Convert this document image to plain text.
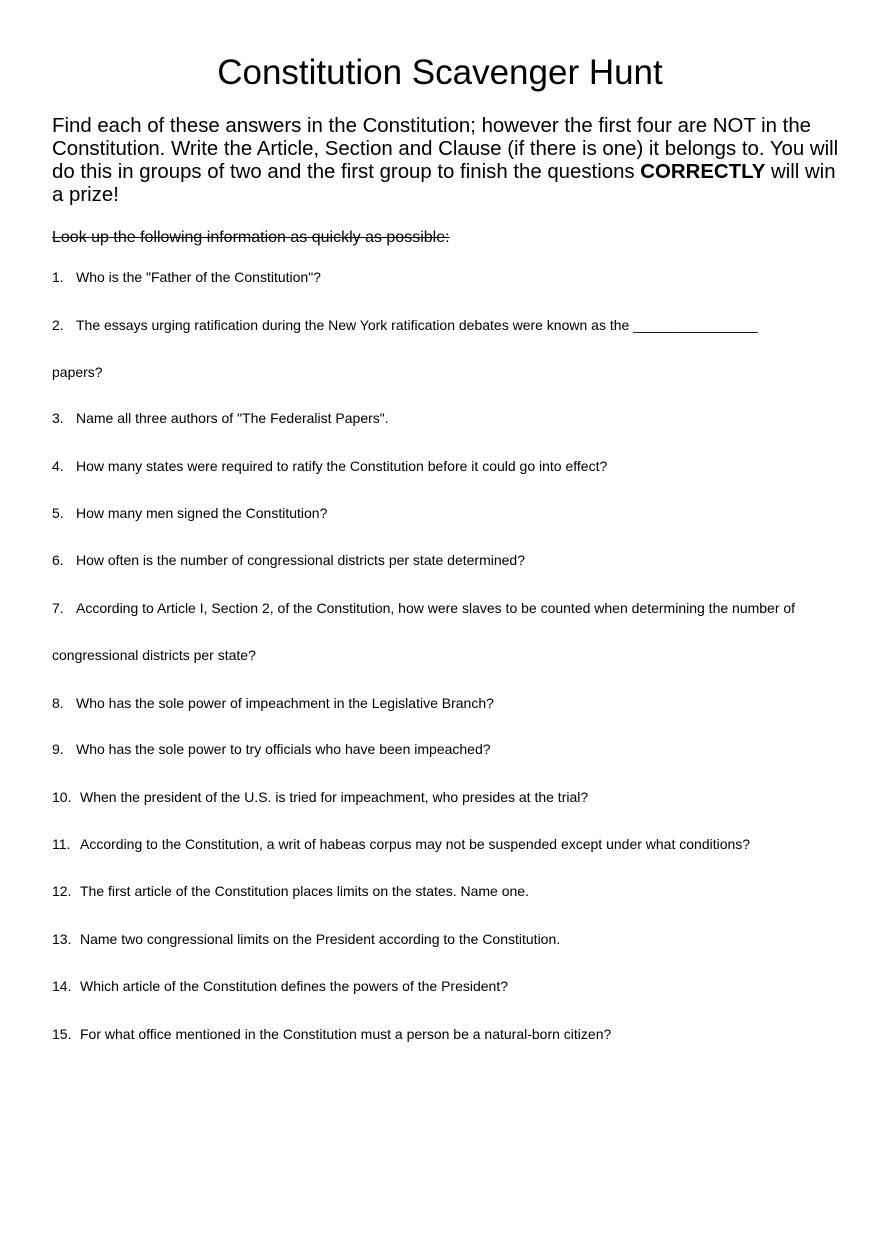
Constitution Scavenger Hunt

Find each of these answers in the Constitution; however the first four are NOT in the Constitution. Write the Article, Section and Clause (if there is one) it belongs to. You will do this in groups of two and the first group to finish the questions CORRECTLY will win a prize!

Look up the following information as quickly as possible:

1. Who is the "Father of the Constitution"?

2. The essays urging ratification during the New York ratification debates were known as the ________________

papers?

3. Name all three authors of "The Federalist Papers".

4. How many states were required to ratify the Constitution before it could go into effect?

5. How many men signed the Constitution?

6. How often is the number of congressional districts per state determined?

7. According to Article I, Section 2, of the Constitution, how were slaves to be counted when determining the number of

congressional districts per state?

8. Who has the sole power of impeachment in the Legislative Branch?

9. Who has the sole power to try officials who have been impeached?

10. When the president of the U.S. is tried for impeachment, who presides at the trial?

11. According to the Constitution, a writ of habeas corpus may not be suspended except under what conditions?

12. The first article of the Constitution places limits on the states. Name one.

13. Name two congressional limits on the President according to the Constitution.

14. Which article of the Constitution defines the powers of the President?

15. For what office mentioned in the Constitution must a person be a natural-born citizen?
